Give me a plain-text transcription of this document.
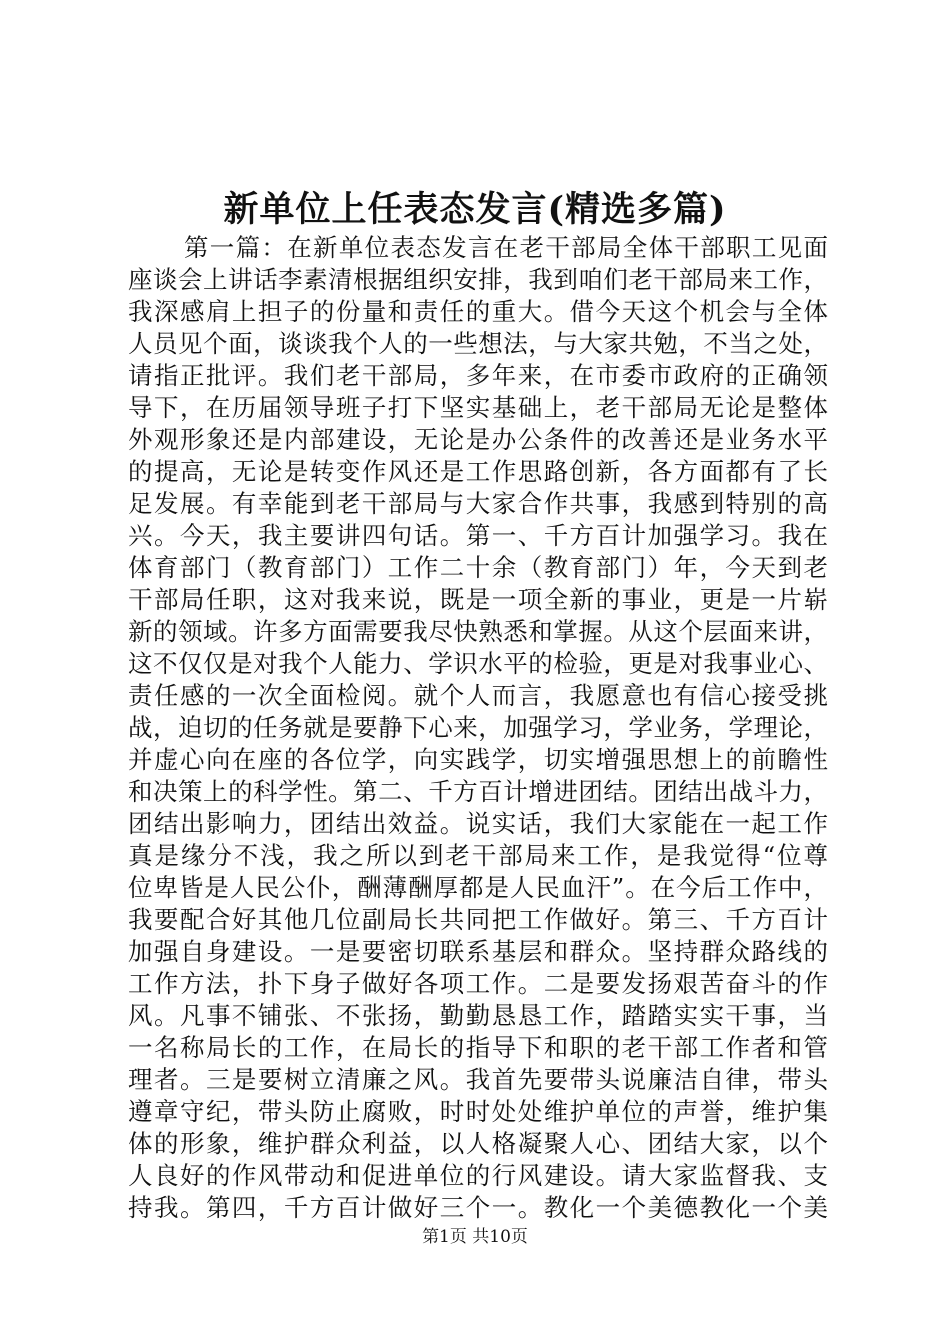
新单位上任表态发言(精选多篇)
第一篇：在新单位表态发言在老干部局全体干部职工见面
座谈会上讲话李素清根据组织安排，我到咱们老干部局来工作，
我深感肩上担子的份量和责任的重大。借今天这个机会与全体
人员见个面，谈谈我个人的一些想法，与大家共勉，不当之处，
请指正批评。我们老干部局，多年来，在市委市政府的正确领
导下，在历届领导班子打下坚实基础上，老干部局无论是整体
外观形象还是内部建设，无论是办公条件的改善还是业务水平
的提高，无论是转变作风还是工作思路创新，各方面都有了长
足发展。有幸能到老干部局与大家合作共事，我感到特别的高
兴。今天，我主要讲四句话。第一、千方百计加强学习。我在
体育部门（教育部门）工作二十余（教育部门）年，今天到老
干部局任职，这对我来说，既是一项全新的事业，更是一片崭
新的领域。许多方面需要我尽快熟悉和掌握。从这个层面来讲，
这不仅仅是对我个人能力、学识水平的检验，更是对我事业心、
责任感的一次全面检阅。就个人而言，我愿意也有信心接受挑
战，迫切的任务就是要静下心来，加强学习，学业务，学理论，
并虚心向在座的各位学，向实践学，切实增强思想上的前瞻性
和决策上的科学性。第二、千方百计增进团结。团结出战斗力，
团结出影响力，团结出效益。说实话，我们大家能在一起工作
真是缘分不浅，我之所以到老干部局来工作，是我觉得“位尊
位卑皆是人民公仆，酬薄酬厚都是人民血汗”。在今后工作中，
我要配合好其他几位副局长共同把工作做好。第三、千方百计
加强自身建设。一是要密切联系基层和群众。坚持群众路线的
工作方法，扑下身子做好各项工作。二是要发扬艰苦奋斗的作
风。凡事不铺张、不张扬，勤勤恳恳工作，踏踏实实干事，当
一名称局长的工作，在局长的指导下和职的老干部工作者和管
理者。三是要树立清廉之风。我首先要带头说廉洁自律，带头
遵章守纪，带头防止腐败，时时处处维护单位的声誉，维护集
体的形象，维护群众利益，以人格凝聚人心、团结大家，以个
人良好的作风带动和促进单位的行风建设。请大家监督我、支
持我。第四，千方百计做好三个一。教化一个美德教化一个美
第1页 共10页
